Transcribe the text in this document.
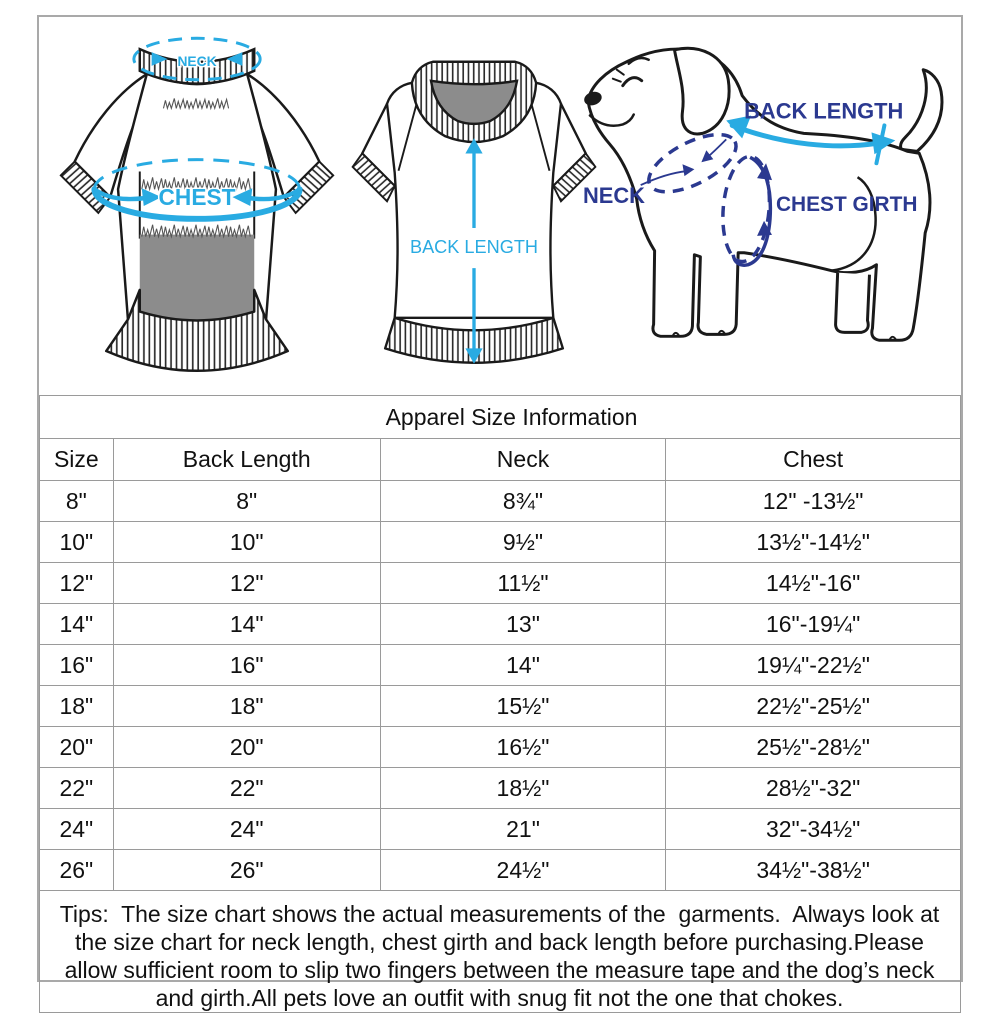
NECK
CHEST
BACK LENGTH
BACK LENGTH
NECK	CHEST GIRTH
Apparel Size Information			
Size	Back Length	Neck	Chest
8"	8"	8¾"	12" -13½"
10"	10"	9½"	13½"-14½"
12"	12"	11½"	14½"-16"
14"	14"	13"	16"-19¼"
16"	16"	14"	19¼"-22½"
18"	18"	15½"	22½"-25½"
20"	20"	16½"	25½"-28½"
22"	22"	18½"	28½"-32"
24"	24"	21"	32"-34½"
26"	26"	24½"	34½"-38½"
Tips:  The size chart shows the actual measurements of the  garments.  Always look at the size chart for neck length, chest girth and back length before purchasing.Please allow sufficient room to slip two fingers between the measure tape and the dog’s neck and girth.All pets love an outfit with snug fit not the one that chokes.			
